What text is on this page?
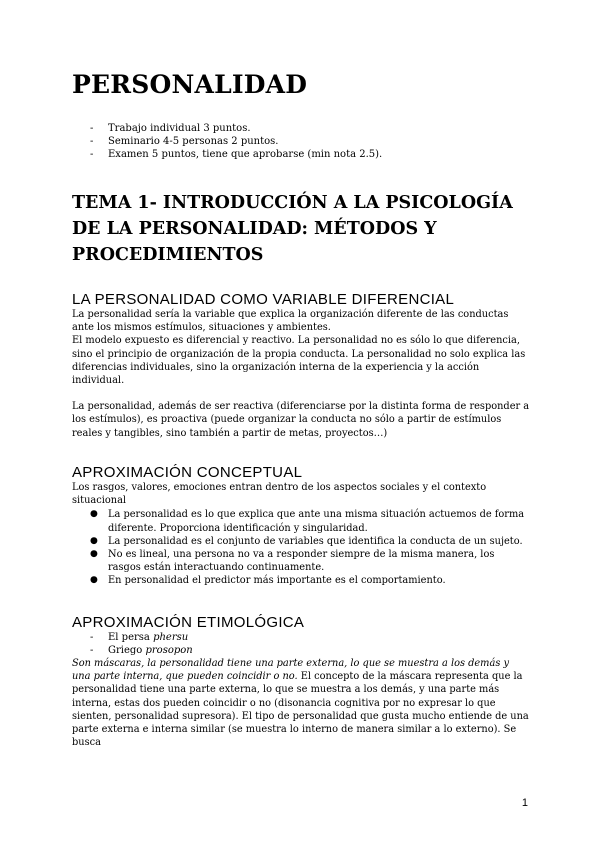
PERSONALIDAD
- Trabajo individual 3 puntos.
- Seminario 4-5 personas 2 puntos.
- Examen 5 puntos, tiene que aprobarse (min nota 2.5).
TEMA 1- INTRODUCCIÓN A LA PSICOLOGÍA DE LA PERSONALIDAD: MÉTODOS Y PROCEDIMIENTOS
LA PERSONALIDAD COMO VARIABLE DIFERENCIAL

La personalidad sería la variable que explica la organización diferente de las conductas ante los mismos estímulos, situaciones y ambientes.

El modelo expuesto es diferencial y reactivo. La personalidad no es sólo lo que diferencia, sino el principio de organización de la propia conducta. La personalidad no solo explica las diferencias individuales, sino la organización interna de la experiencia y la acción individual.

La personalidad, además de ser reactiva (diferenciarse por la distinta forma de responder a los estímulos), es proactiva (puede organizar la conducta no sólo a partir de estímulos reales y tangibles, sino también a partir de metas, proyectos…)

APROXIMACIÓN CONCEPTUAL

Los rasgos, valores, emociones entran dentro de los aspectos sociales y el contexto situacional

● La personalidad es lo que explica que ante una misma situación actuemos de forma diferente. Proporciona identificación y singularidad.
● La personalidad es el conjunto de variables que identifica la conducta de un sujeto.
● No es lineal, una persona no va a responder siempre de la misma manera, los rasgos están interactuando continuamente.
● En personalidad el predictor más importante es el comportamiento.
APROXIMACIÓN ETIMOLÓGICA
- El persa phersu
- Griego prosopon

Son máscaras, la personalidad tiene una parte externa, lo que se muestra a los demás y una parte interna, que pueden coincidir o no. El concepto de la máscara representa que la personalidad tiene una parte externa, lo que se muestra a los demás, y una parte más interna, estas dos pueden coincidir o no (disonancia cognitiva por no expresar lo que sienten, personalidad supresora). El tipo de personalidad que gusta mucho entiende de una parte externa e interna similar (se muestra lo interno de manera similar a lo externo). Se busca

1
